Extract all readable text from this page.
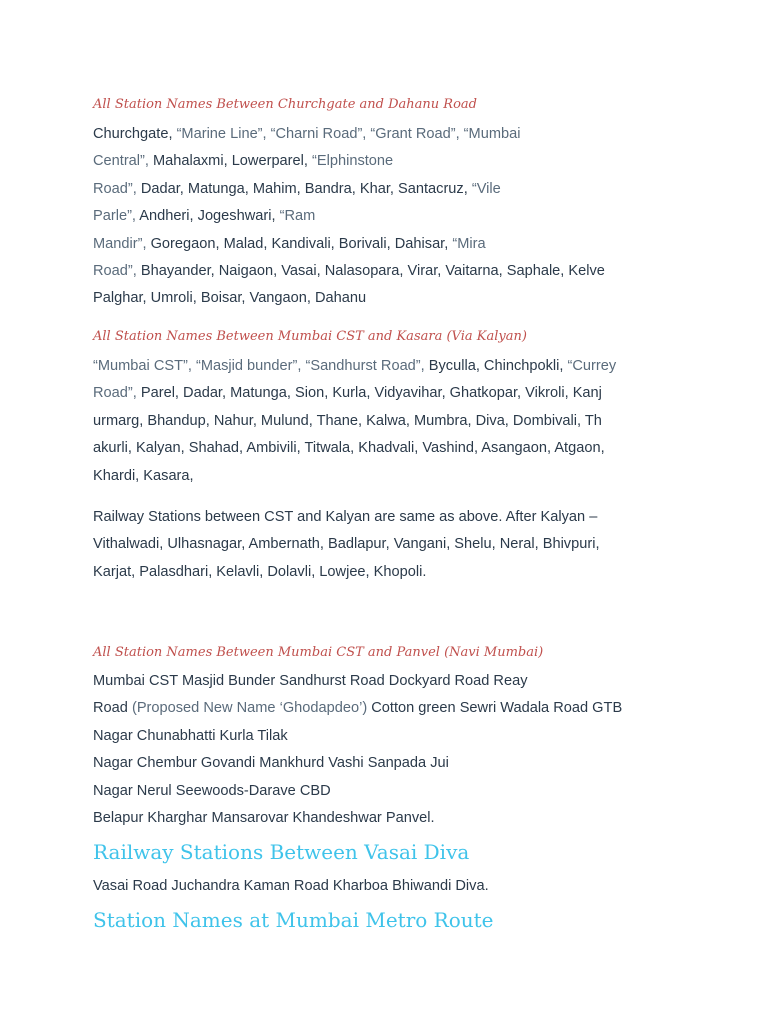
All Station Names Between Churchgate and Dahanu Road
Churchgate, “Marine Line”, “Charni Road”, “Grant Road”, “Mumbai
Central”, Mahalaxmi, Lowerparel, “Elphinstone
Road”, Dadar, Matunga, Mahim, Bandra, Khar, Santacruz, “Vile
Parle”, Andheri, Jogeshwari, “Ram
Mandir”, Goregaon, Malad, Kandivali, Borivali, Dahisar, “Mira
Road”, Bhayander, Naigaon, Vasai, Nalasopara, Virar, Vaitarna, Saphale, Kelve
Palghar, Umroli, Boisar, Vangaon, Dahanu
All Station Names Between Mumbai CST and Kasara (Via Kalyan)
“Mumbai CST”, “Masjid bunder”, “Sandhurst Road”, Byculla, Chinchpokli, “Currey
Road”, Parel, Dadar, Matunga, Sion, Kurla, Vidyavihar, Ghatkopar, Vikroli, Kanj
urmarg, Bhandup, Nahur, Mulund, Thane, Kalwa, Mumbra, Diva, Dombivali, Th
akurli, Kalyan, Shahad, Ambivili, Titwala, Khadvali, Vashind, Asangaon, Atgaon,
Khardi, Kasara,
Railway Stations between CST and Kalyan are same as above. After Kalyan –
Vithalwadi, Ulhasnagar, Ambernath, Badlapur, Vangani, Shelu, Neral, Bhivpuri,
Karjat, Palasdhari, Kelavli, Dolavli, Lowjee, Khopoli.
All Station Names Between Mumbai CST and Panvel (Navi Mumbai)
Mumbai CST Masjid Bunder Sandhurst Road Dockyard Road Reay
Road (Proposed New Name ‘Ghodapdeo’) Cotton green Sewri Wadala Road GTB
Nagar Chunabhatti Kurla Tilak
Nagar Chembur Govandi Mankhurd Vashi Sanpada Jui
Nagar Nerul Seewoods-Darave CBD
Belapur Kharghar Mansarovar Khandeshwar Panvel.
Railway Stations Between Vasai Diva
Vasai Road Juchandra Kaman Road Kharboa Bhiwandi Diva.
Station Names at Mumbai Metro Route
